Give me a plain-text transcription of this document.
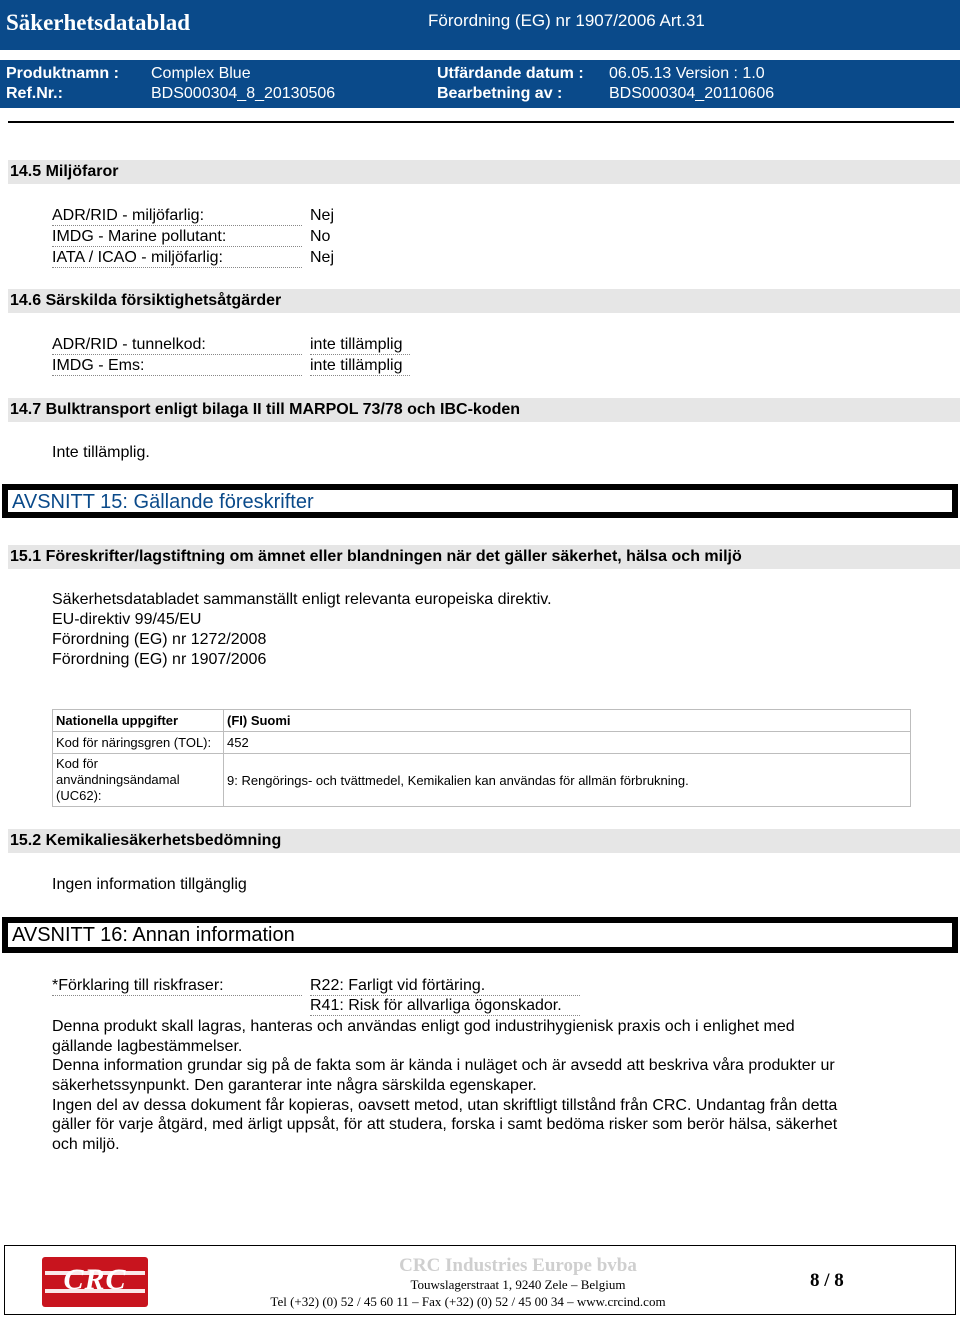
Säkerhetsdatablad	Förordning (EG) nr 1907/2006 Art.31
Produktnamn : Complex Blue	Utfärdande datum : 06.05.13 Version : 1.0
Ref.Nr.:	BDS000304_8_20130506	Bearbetning av :	BDS000304_20110606
14.5 Miljöfaror
ADR/RID - miljöfarlig:	Nej
IMDG - Marine pollutant:	No
IATA / ICAO - miljöfarlig:	Nej
14.6 Särskilda försiktighetsåtgärder
ADR/RID - tunnelkod:	inte tillämplig
IMDG - Ems:	inte tillämplig
14.7 Bulktransport enligt bilaga II till MARPOL 73/78 och IBC-koden
Inte tillämplig.
AVSNITT 15: Gällande föreskrifter
15.1 Föreskrifter/lagstiftning om ämnet eller blandningen när det gäller säkerhet, hälsa och miljö
Säkerhetsdatabladet sammanställt enligt relevanta europeiska direktiv.
EU-direktiv 99/45/EU
Förordning (EG) nr 1272/2008
Förordning (EG) nr 1907/2006
Nationella uppgifter	(FI) Suomi
Kod för näringsgren (TOL):	452

Kod för
användningsändamal
(UC62):	9: Rengörings- och tvättmedel, Kemikalien kan användas för allmän förbrukning.
15.2 Kemikaliesäkerhetsbedömning
Ingen information tillgänglig
AVSNITT 16: Annan information
*Förklaring till riskfraser:	R22: Farligt vid förtäring.
R41: Risk för allvarliga ögonskador.
Denna produkt skall lagras, hanteras och användas enligt god industrihygienisk praxis och i enlighet med
gällande lagbestämmelser.
Denna information grundar sig på de fakta som är kända i nuläget och är avsedd att beskriva våra produkter ur
säkerhetssynpunkt. Den garanterar inte några särskilda egenskaper.
Ingen del av dessa dokument får kopieras, oavsett metod, utan skriftligt tillstånd från CRC. Undantag från detta
gäller för varje åtgärd, med ärligt uppsåt, för att studera, forska i samt bedöma risker som berör hälsa, säkerhet
och miljö.
CRC	CRC Industries Europe bvba
Touwslagerstraat 1, 9240 Zele – Belgium
Tel (+32) (0) 52 / 45 60 11 – Fax (+32) (0) 52 / 45 00 34 – www.crcind.com
8 / 8
